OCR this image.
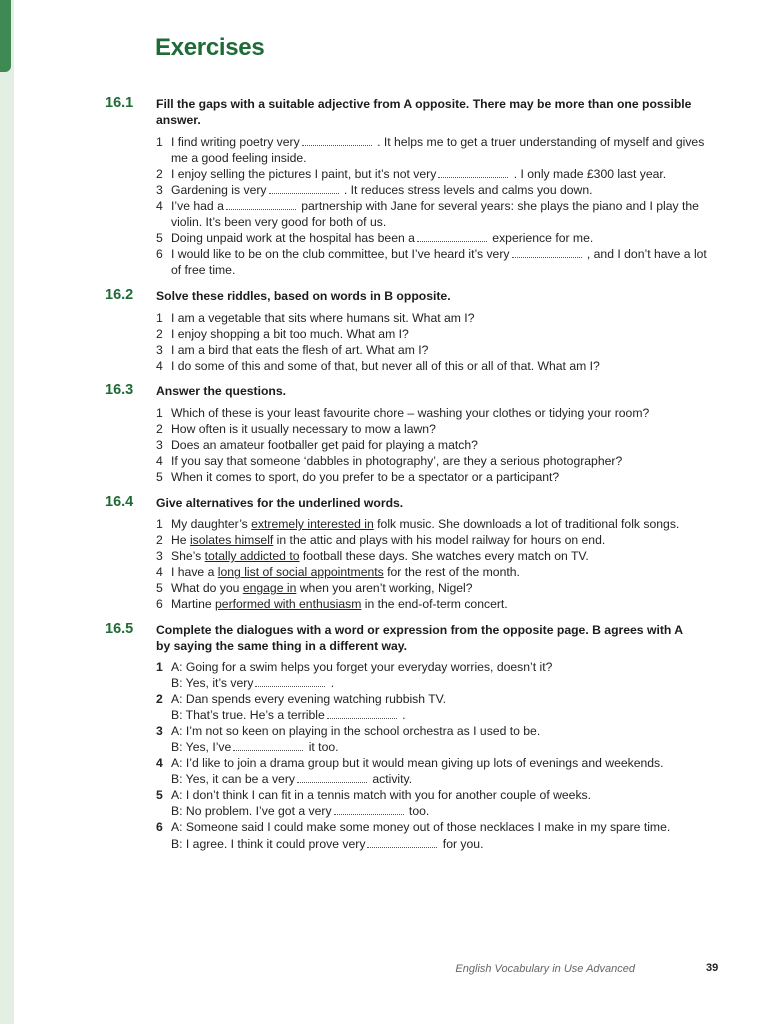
Exercises
16.1 Fill the gaps with a suitable adjective from A opposite. There may be more than one possible answer.
1 I find writing poetry very	. It helps me to get a truer understanding of myself and gives me a good feeling inside.
2 I enjoy selling the pictures I paint, but it’s not very	. I only made £300 last year.
3 Gardening is very	. It reduces stress levels and calms you down.
4 I’ve had a	partnership with Jane for several years: she plays the piano and I play the violin. It’s been very good for both of us.
5 Doing unpaid work at the hospital has been a	experience for me.
6 I would like to be on the club committee, but I’ve heard it’s very	, and I don’t have a lot of free time.
16.2 Solve these riddles, based on words in B opposite.
1 I am a vegetable that sits where humans sit. What am I?
2 I enjoy shopping a bit too much. What am I?
3 I am a bird that eats the flesh of art. What am I?
4 I do some of this and some of that, but never all of this or all of that. What am I?
16.3 Answer the questions.
1 Which of these is your least favourite chore – washing your clothes or tidying your room?
2 How often is it usually necessary to mow a lawn?
3 Does an amateur footballer get paid for playing a match?
4 If you say that someone ‘dabbles in photography’, are they a serious photographer?
5 When it comes to sport, do you prefer to be a spectator or a participant?
16.4 Give alternatives for the underlined words.
1 My daughter’s extremely interested in folk music. She downloads a lot of traditional folk songs.
2 He isolates himself in the attic and plays with his model railway for hours on end.
3 She’s totally addicted to football these days. She watches every match on TV.
4 I have a long list of social appointments for the rest of the month.
5 What do you engage in when you aren’t working, Nigel?
6 Martine performed with enthusiasm in the end-of-term concert.
16.5 Complete the dialogues with a word or expression from the opposite page. B agrees with A by saying the same thing in a different way.
1 A: Going for a swim helps you forget your everyday worries, doesn’t it?
B: Yes, it’s very	.
2 A: Dan spends every evening watching rubbish TV.
B: That’s true. He’s a terrible	.
3 A: I’m not so keen on playing in the school orchestra as I used to be.
B: Yes, I’ve	it too.
4 A: I’d like to join a drama group but it would mean giving up lots of evenings and weekends.
B: Yes, it can be a very	activity.
5 A: I don’t think I can fit in a tennis match with you for another couple of weeks.
B: No problem. I’ve got a very	too.
6 A: Someone said I could make some money out of those necklaces I make in my spare time.
B: I agree. I think it could prove very	for you.
English Vocabulary in Use Advanced	39
